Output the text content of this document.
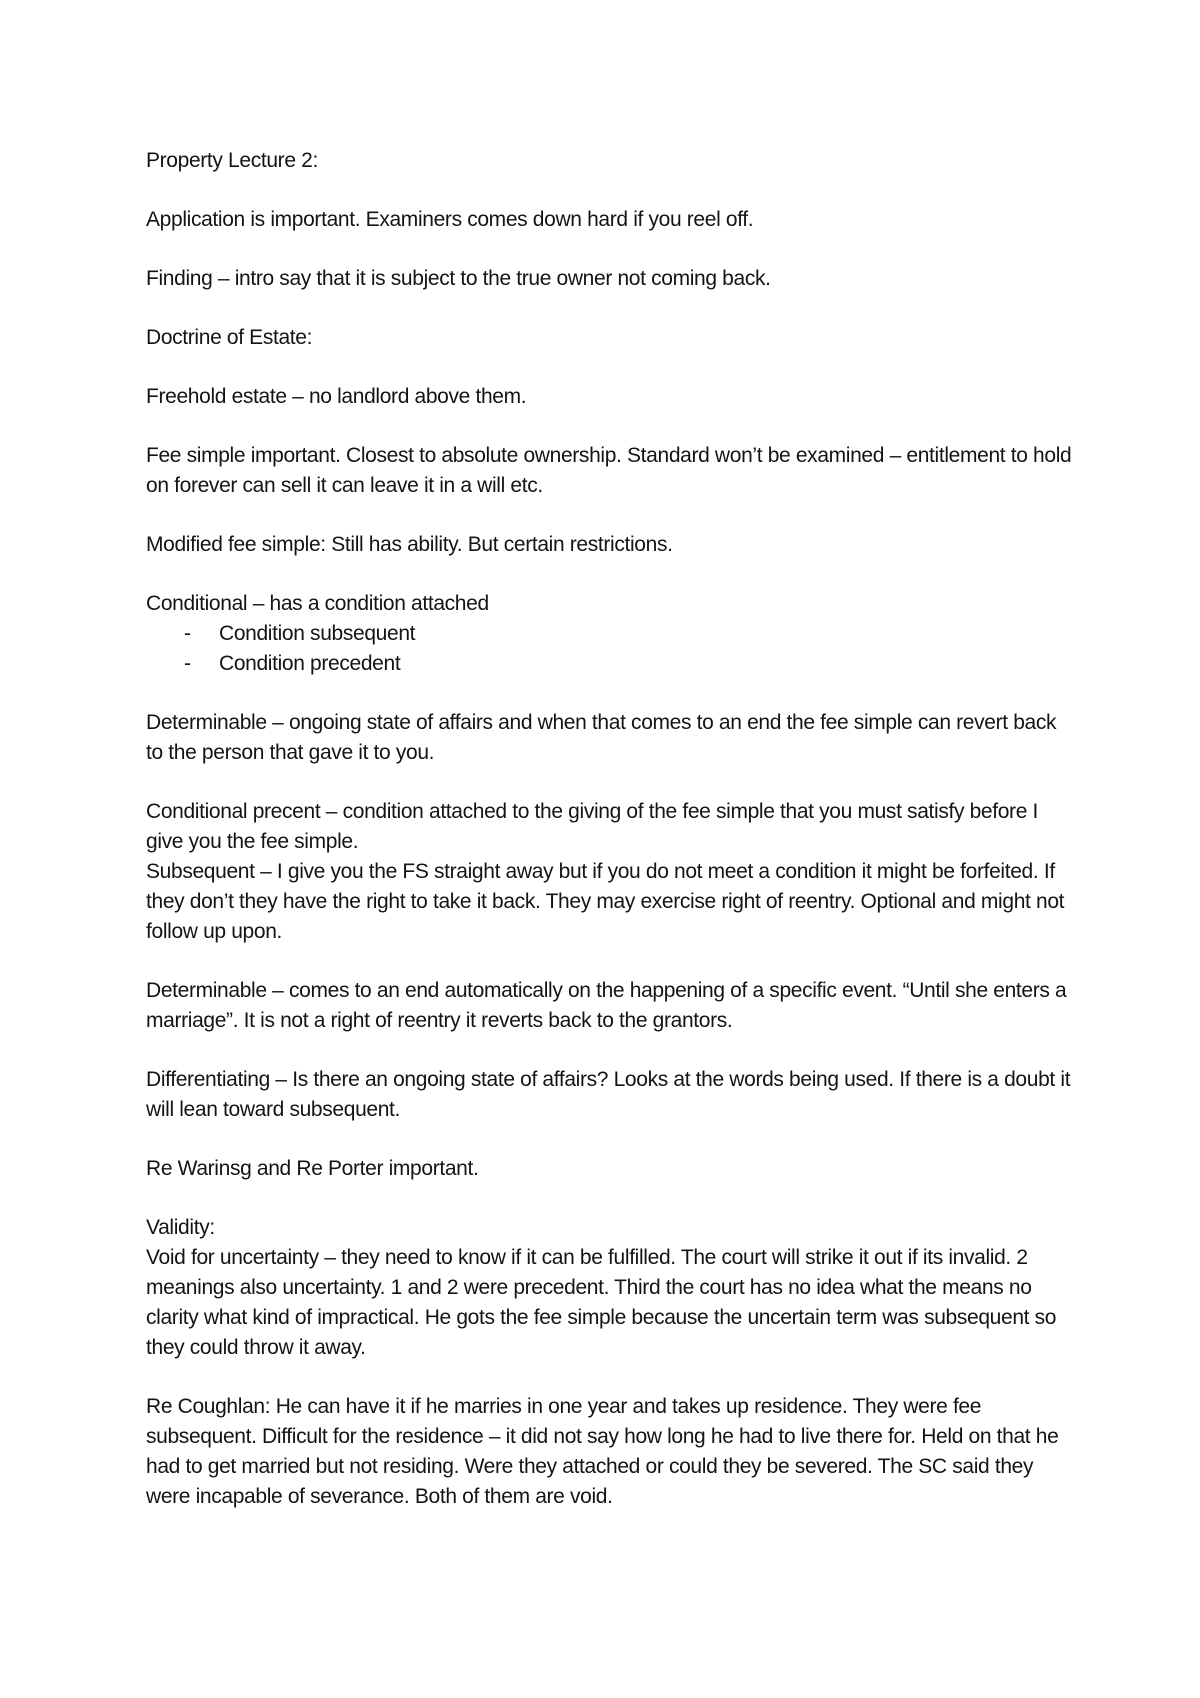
Property Lecture 2:

Application is important. Examiners comes down hard if you reel off.

Finding – intro say that it is subject to the true owner not coming back.

Doctrine of Estate:

Freehold estate – no landlord above them.

Fee simple important. Closest to absolute ownership. Standard won’t be examined – entitlement to hold on forever can sell it can leave it in a will etc.

Modified fee simple: Still has ability. But certain restrictions.

Conditional – has a condition attached

- Condition subsequent
- Condition precedent

Determinable – ongoing state of affairs and when that comes to an end the fee simple can revert back to the person that gave it to you.

Conditional precent – condition attached to the giving of the fee simple that you must satisfy before I give you the fee simple.

Subsequent – I give you the FS straight away but if you do not meet a condition it might be forfeited. If they don’t they have the right to take it back. They may exercise right of reentry. Optional and might not follow up upon.

Determinable – comes to an end automatically on the happening of a specific event. “Until she enters a marriage”. It is not a right of reentry it reverts back to the grantors.

Differentiating – Is there an ongoing state of affairs? Looks at the words being used. If there is a doubt it will lean toward subsequent.

Re Warinsg and Re Porter important.

Validity:

Void for uncertainty – they need to know if it can be fulfilled. The court will strike it out if its invalid. 2 meanings also uncertainty. 1 and 2 were precedent. Third the court has no idea what the means no clarity what kind of impractical. He gots the fee simple because the uncertain term was subsequent so they could throw it away.

Re Coughlan: He can have it if he marries in one year and takes up residence. They were fee subsequent. Difficult for the residence – it did not say how long he had to live there for. Held on that he had to get married but not residing. Were they attached or could they be severed. The SC said they were incapable of severance. Both of them are void.
